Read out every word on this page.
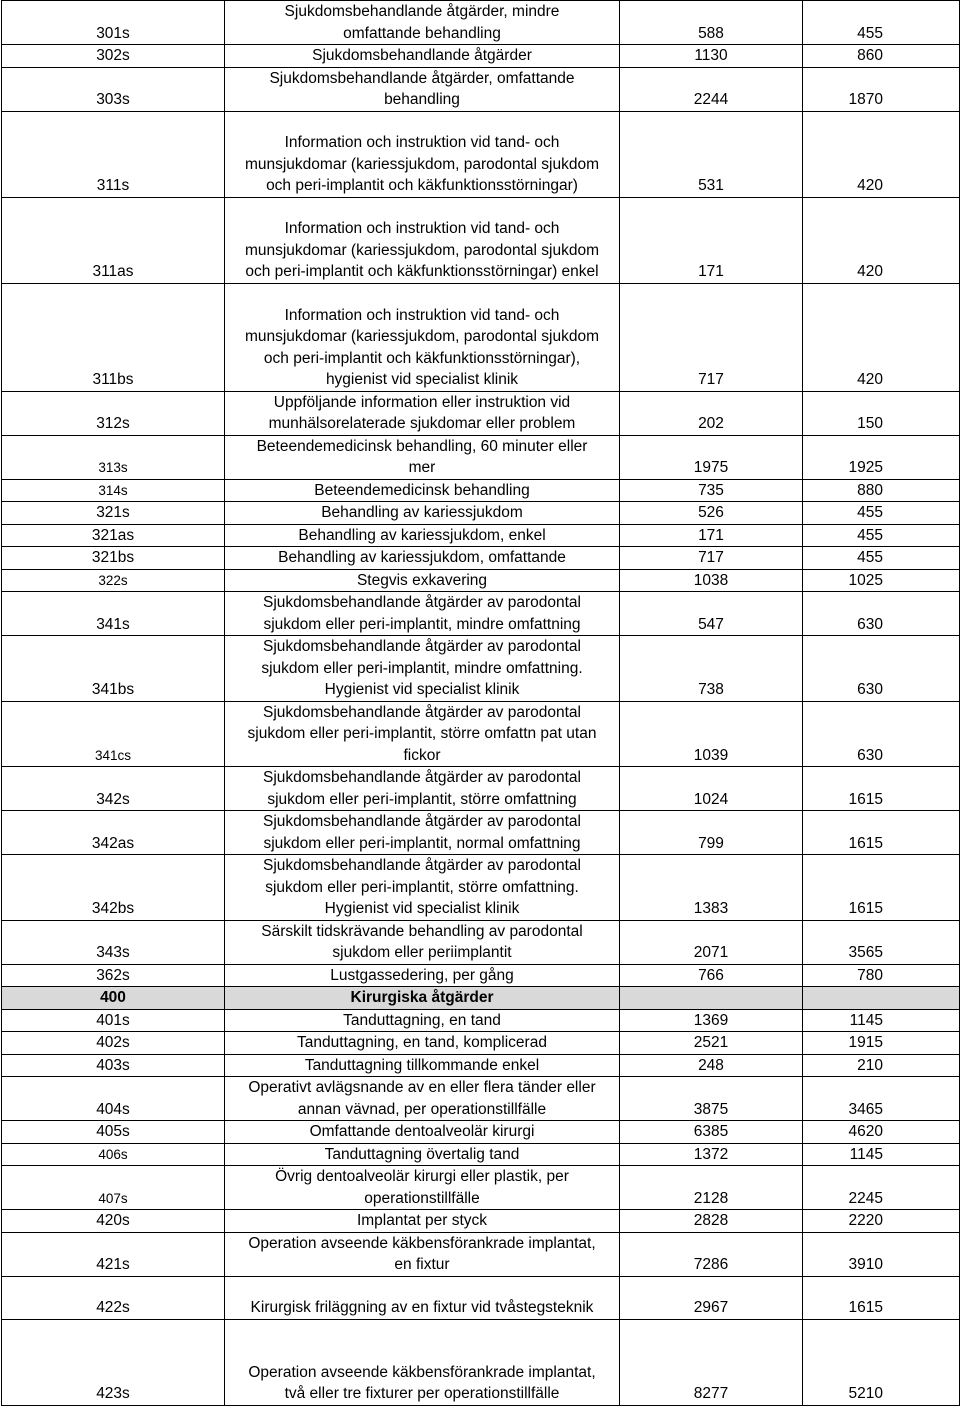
301s	Sjukdomsbehandlande åtgärder, mindre
omfattande behandling	588	455
302s	Sjukdomsbehandlande åtgärder	1130	860
303s	Sjukdomsbehandlande åtgärder, omfattande
behandling	2244	1870
311s	Information och instruktion vid tand- och
munsjukdomar (kariessjukdom, parodontal sjukdom
och peri-implantit och käkfunktionsstörningar)	531	420
311as	Information och instruktion vid tand- och
munsjukdomar (kariessjukdom, parodontal sjukdom
och peri-implantit och käkfunktionsstörningar) enkel	171	420
311bs	Information och instruktion vid tand- och
munsjukdomar (kariessjukdom, parodontal sjukdom
och peri-implantit och käkfunktionsstörningar),
hygienist vid specialist klinik	717	420
312s	Uppföljande information eller instruktion vid
munhälsorelaterade sjukdomar eller problem	202	150
313s	Beteendemedicinsk behandling, 60 minuter eller
mer	1975	1925
314s	Beteendemedicinsk behandling	735	880
321s	Behandling av kariessjukdom	526	455
321as	Behandling av kariessjukdom, enkel	171	455
321bs	Behandling av kariessjukdom, omfattande	717	455
322s	Stegvis exkavering	1038	1025
341s	Sjukdomsbehandlande åtgärder av parodontal
sjukdom eller peri-implantit, mindre omfattning	547	630
341bs	Sjukdomsbehandlande åtgärder av parodontal
sjukdom eller peri-implantit, mindre omfattning.
Hygienist vid specialist klinik	738	630
341cs	Sjukdomsbehandlande åtgärder av parodontal
sjukdom eller peri-implantit, större omfattn pat utan
fickor	1039	630
342s	Sjukdomsbehandlande åtgärder av parodontal
sjukdom eller peri-implantit, större omfattning	1024	1615
342as	Sjukdomsbehandlande åtgärder av parodontal
sjukdom eller peri-implantit, normal omfattning	799	1615
342bs	Sjukdomsbehandlande åtgärder av parodontal
sjukdom eller peri-implantit, större omfattning.
Hygienist vid specialist klinik	1383	1615
343s	Särskilt tidskrävande behandling av parodontal
sjukdom eller periimplantit	2071	3565
362s	Lustgassedering, per gång	766	780
400	Kirurgiska åtgärder		
401s	Tanduttagning, en tand	1369	1145
402s	Tanduttagning, en tand, komplicerad	2521	1915
403s	Tanduttagning tillkommande enkel	248	210
404s	Operativt avlägsnande av en eller flera tänder eller
annan vävnad, per operationstillfälle	3875	3465
405s	Omfattande dentoalveolär kirurgi	6385	4620
406s	Tanduttagning övertalig tand	1372	1145
407s	Övrig dentoalveolär kirurgi eller plastik, per
operationstillfälle	2128	2245
420s	Implantat per styck	2828	2220
421s	Operation avseende käkbensförankrade implantat,
en fixtur	7286	3910
422s	Kirurgisk friläggning av en fixtur vid tvåstegsteknik	2967	1615
423s	Operation avseende käkbensförankrade implantat,
två eller tre fixturer per operationstillfälle	8277	5210
